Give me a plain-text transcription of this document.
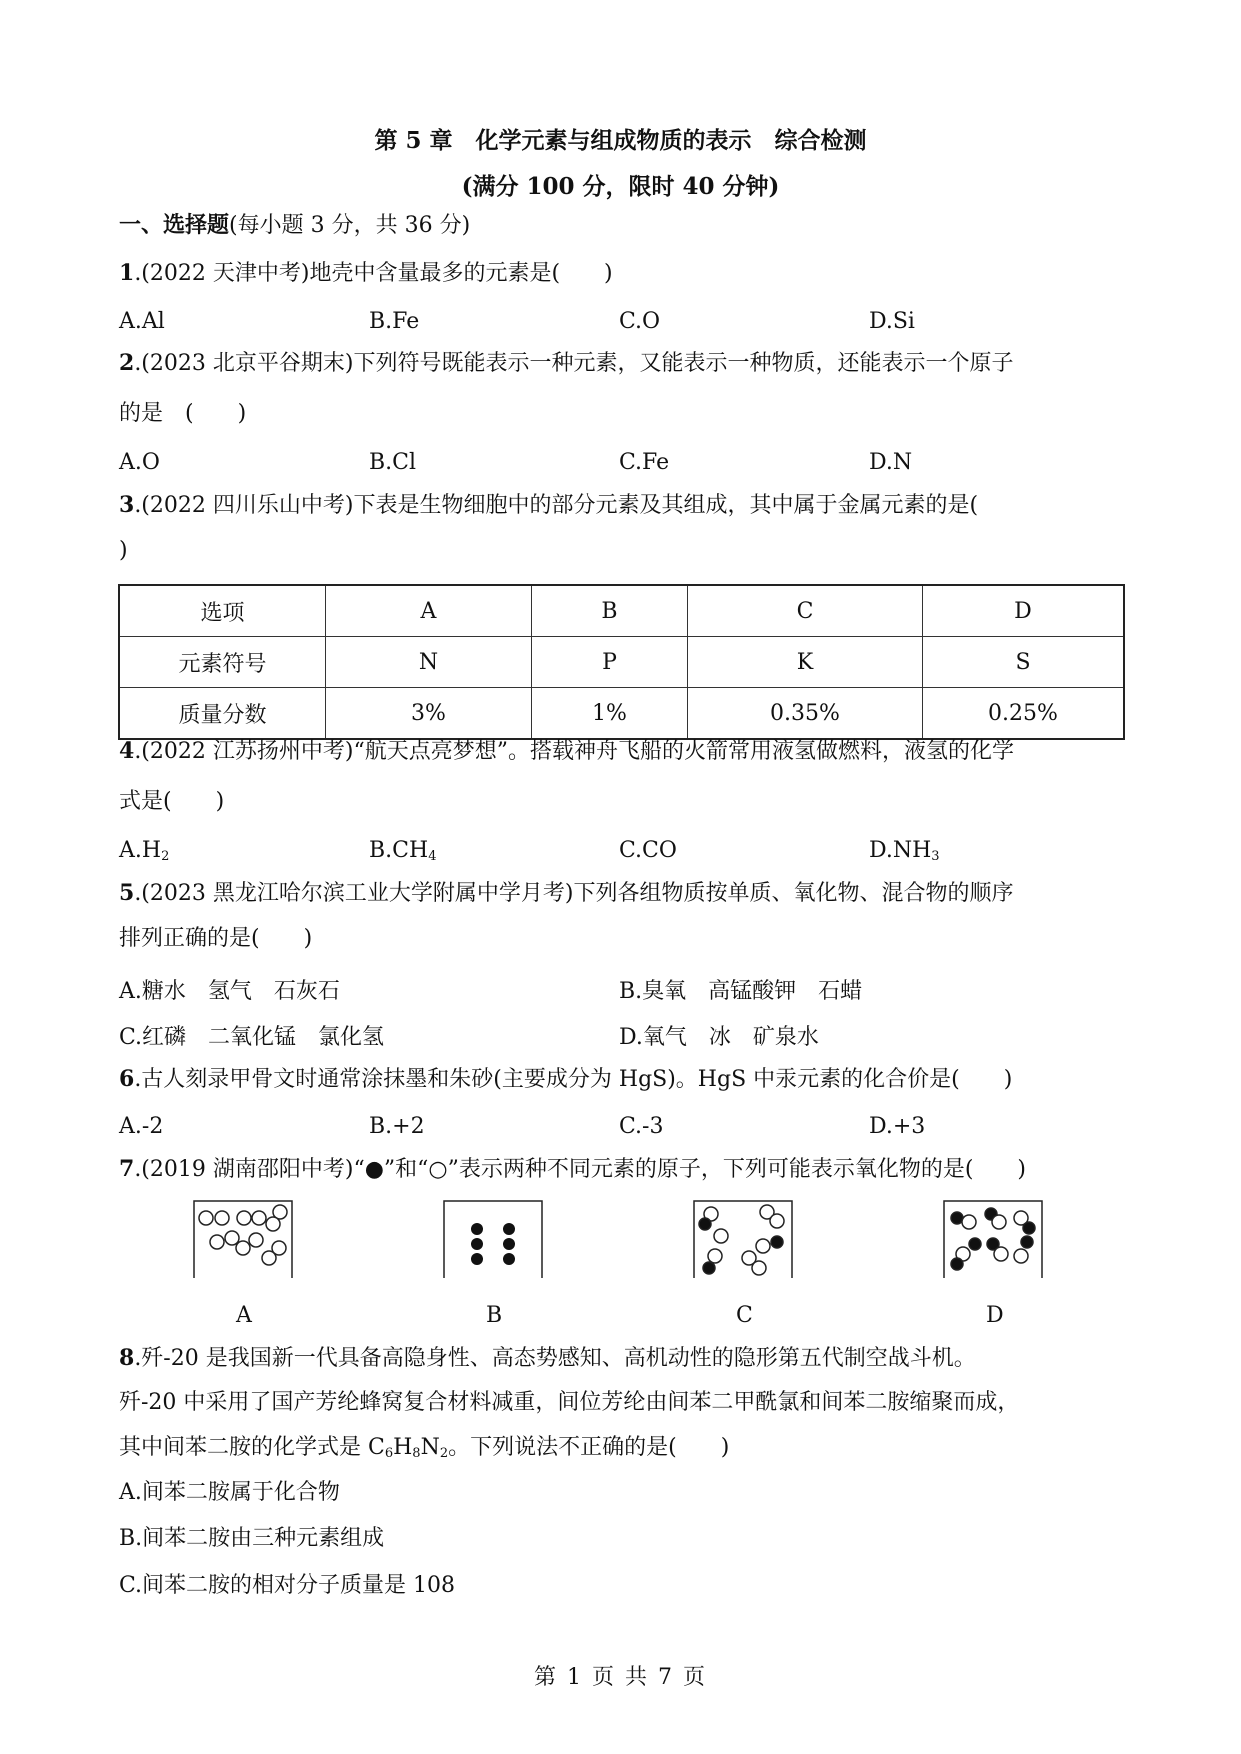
第 5 章　化学元素与组成物质的表示　综合检测
(满分 100 分，限时 40 分钟)
一、选择题(每小题 3 分，共 36 分)
1.(2022 天津中考)地壳中含量最多的元素是(　　)
A.Al	B.Fe	C.O	D.Si
2.(2023 北京平谷期末)下列符号既能表示一种元素，又能表示一种物质，还能表示一个原子
的是　(　　)
A.O	B.Cl	C.Fe	D.N
3.(2022 四川乐山中考)下表是生物细胞中的部分元素及其组成，其中属于金属元素的是(
)
选项	A	B	C	D
元素符号	N	P	K	S
质量分数	3%	1%	0.35%	0.25%
4.(2022 江苏扬州中考)“航天点亮梦想”。搭载神舟飞船的火箭常用液氢做燃料，液氢的化学
式是(　　)
$A.H_2$	$B.CH_4$	C.CO	$D.NH_3$
5.(2023 黑龙江哈尔滨工业大学附属中学月考)下列各组物质按单质、氧化物、混合物的顺序
排列正确的是(　　)
A.糖水　氢气　石灰石	B.臭氧　高锰酸钾　石蜡
C.红磷　二氧化锰　氯化氢	D.氧气　冰　矿泉水
6.古人刻录甲骨文时通常涂抹墨和朱砂(主要成分为 HgS)。HgS 中汞元素的化合价是(　　)
A.-2	B.+2	C.-3	D.+3
7.(2019 湖南邵阳中考)“●”和“○”表示两种不同元素的原子，下列可能表示氧化物的是(　　)
A	B	C	D
8.歼-20 是我国新一代具备高隐身性、高态势感知、高机动性的隐形第五代制空战斗机。
歼-20 中采用了国产芳纶蜂窝复合材料减重，间位芳纶由间苯二甲酰氯和间苯二胺缩聚而成，
其中间苯二胺的化学式是 $C_6H_8N_2$。下列说法不正确的是(　　)
A.间苯二胺属于化合物
B.间苯二胺由三种元素组成
C.间苯二胺的相对分子质量是 108
第 1 页 共 7 页
